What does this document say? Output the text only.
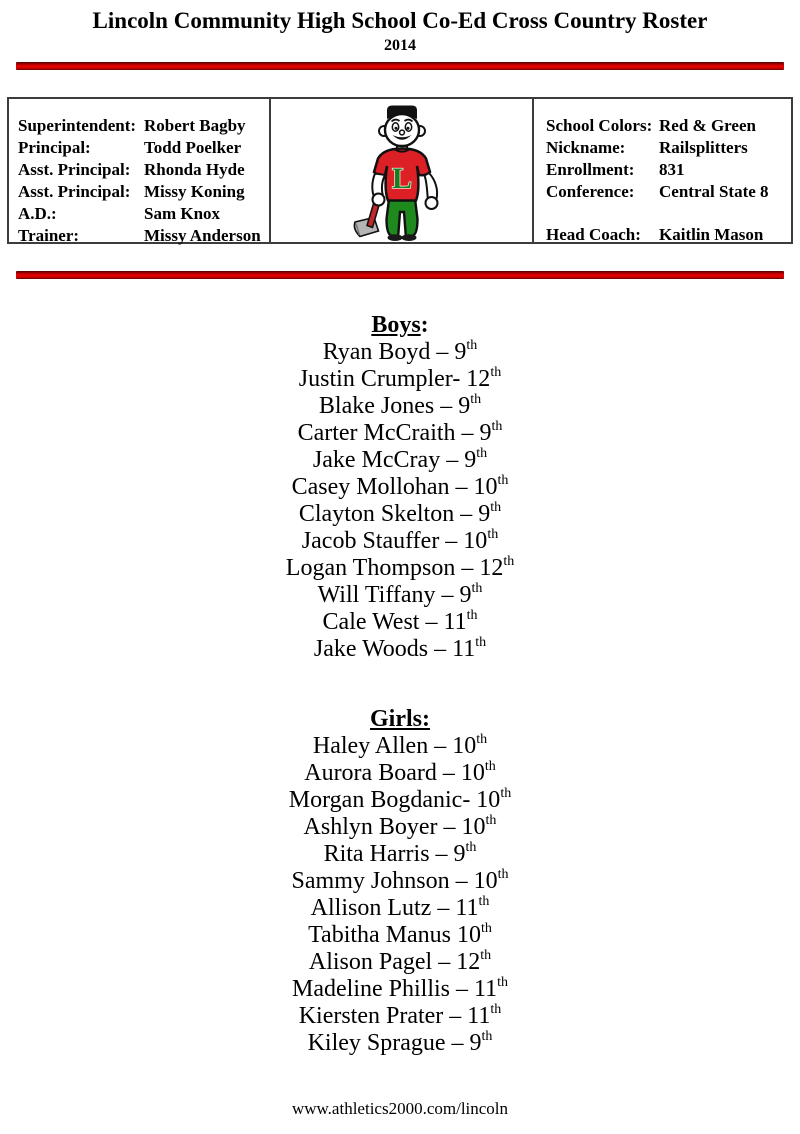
Lincoln Community High School Co-Ed Cross Country Roster
2014
Superintendent: Robert Bagby
Principal:	Todd Poelker
Asst. Principal: Rhonda Hyde
Asst. Principal: Missy Koning
A.D.:	Sam Knox
Trainer:	Missy Anderson
L
School Colors: Red & Green
Nickname:	Railsplitters
Enrollment:	831
Conference:	Central State 8
Head Coach:	Kaitlin Mason
Boys:
Ryan Boyd – 9th
Justin Crumpler- 12th
Blake Jones – 9th
Carter McCraith – 9th
Jake McCray – 9th
Casey Mollohan – 10th
Clayton Skelton – 9th
Jacob Stauffer – 10th
Logan Thompson – 12th
Will Tiffany – 9th
Cale West – 11th
Jake Woods – 11th
Girls:
Haley Allen – 10th
Aurora Board – 10th
Morgan Bogdanic- 10th
Ashlyn Boyer – 10th
Rita Harris – 9th
Sammy Johnson – 10th
Allison Lutz – 11th
Tabitha Manus 10th
Alison Pagel – 12th
Madeline Phillis – 11th
Kiersten Prater – 11th
Kiley Sprague – 9th
www.athletics2000.com/lincoln
